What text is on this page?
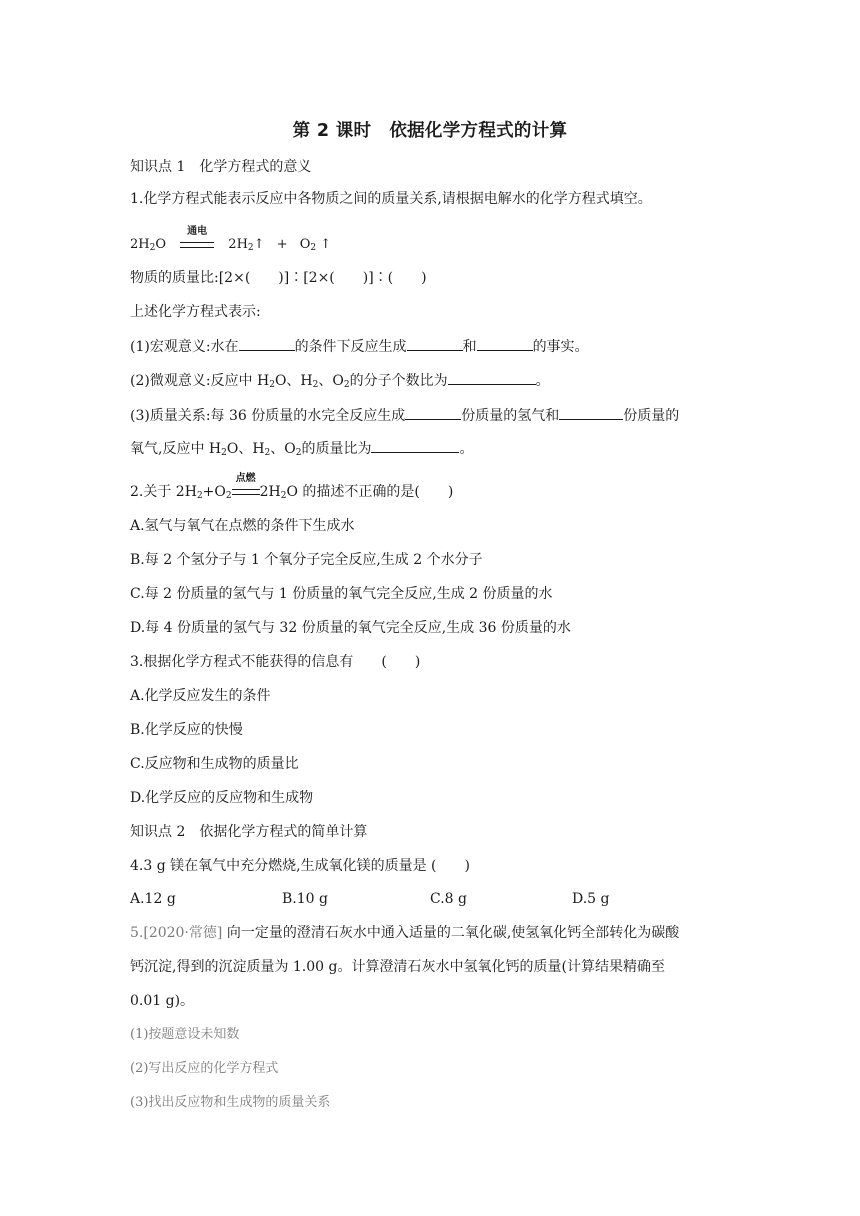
第 2 课时 依据化学方程式的计算
知识点 1　化学方程式的意义
1.化学方程式能表示反应中各物质之间的质量关系,请根据电解水的化学方程式填空。
$2H_2O$
通电
$2H_2↑ + O_2$ ↑
物质的质量比:[2×(　　)]∶[2×(　　)]∶(　　)
上述化学方程式表示:
(1)宏观意义:水在	的条件下反应生成	和	的事实。
(2)微观意义:反应中 $H_2O$、$H_2$、$O_2$的分子个数比为	。
(3)质量关系:每 36 份质量的水完全反应生成	份质量的氢气和	份质量的
氧气,反应中 $H_2O$、$H_2$、$O_2$的质量比为	。
2.关于 $2H_2+O_2$
点燃
$2H_2O$ 的描述不正确的是(　　)
A.氢气与氧气在点燃的条件下生成水
B.每 2 个氢分子与 1 个氧分子完全反应,生成 2 个水分子
C.每 2 份质量的氢气与 1 份质量的氧气完全反应,生成 2 份质量的水
D.每 4 份质量的氢气与 32 份质量的氧气完全反应,生成 36 份质量的水
3.根据化学方程式不能获得的信息有　　(　　)
A.化学反应发生的条件
B.化学反应的快慢
C.反应物和生成物的质量比
D.化学反应的反应物和生成物
知识点 2　依据化学方程式的简单计算
4.3 g 镁在氧气中充分燃烧,生成氧化镁的质量是 (　　)
A.12 g	B.10 g	C.8 g	D.5 g
5.[2020·常德] 向一定量的澄清石灰水中通入适量的二氧化碳,使氢氧化钙全部转化为碳酸
钙沉淀,得到的沉淀质量为 1.00 g。计算澄清石灰水中氢氧化钙的质量(计算结果精确至
0.01 g)。
(1)按题意设未知数
(2)写出反应的化学方程式
(3)找出反应物和生成物的质量关系
